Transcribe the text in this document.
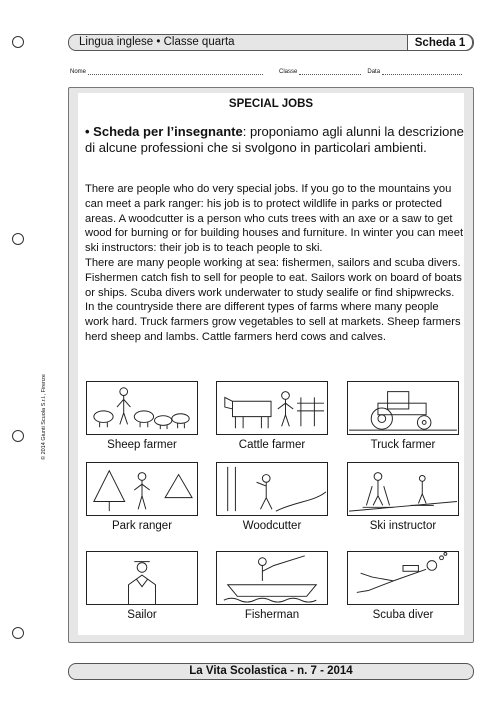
Lingua inglese • Classe quarta	Scheda 1
Nome	Classe	Data
SPECIAL JOBS
• Scheda per l’insegnante: proponiamo agli alunni la descrizione di alcune professioni che si svolgono in particolari ambienti.

There are people who do very special jobs. If you go to the mountains you can meet a park ranger: his job is to protect wildlife in parks or protected areas. A woodcutter is a person who cuts trees with an axe or a saw to get wood for burning or for building houses and furniture. In winter you can meet ski instructors: their job is to teach people to ski.

There are many people working at sea: fishermen, sailors and scuba divers. Fishermen catch fish to sell for people to eat. Sailors work on board of boats or ships. Scuba divers work underwater to study sealife or find shipwrecks.

In the countryside there are different types of farms where many people work hard. Truck farmers grow vegetables to sell at markets. Sheep farmers herd sheep and lambs. Cattle farmers herd cows and calves.

Sheep farmer	Cattle farmer	Truck farmer
Park ranger	Woodcutter	Ski instructor
Sailor	Fisherman	Scuba diver
© 2014 Giunti Scuola S.r.l., Firenze
La Vita Scolastica - n. 7 - 2014
